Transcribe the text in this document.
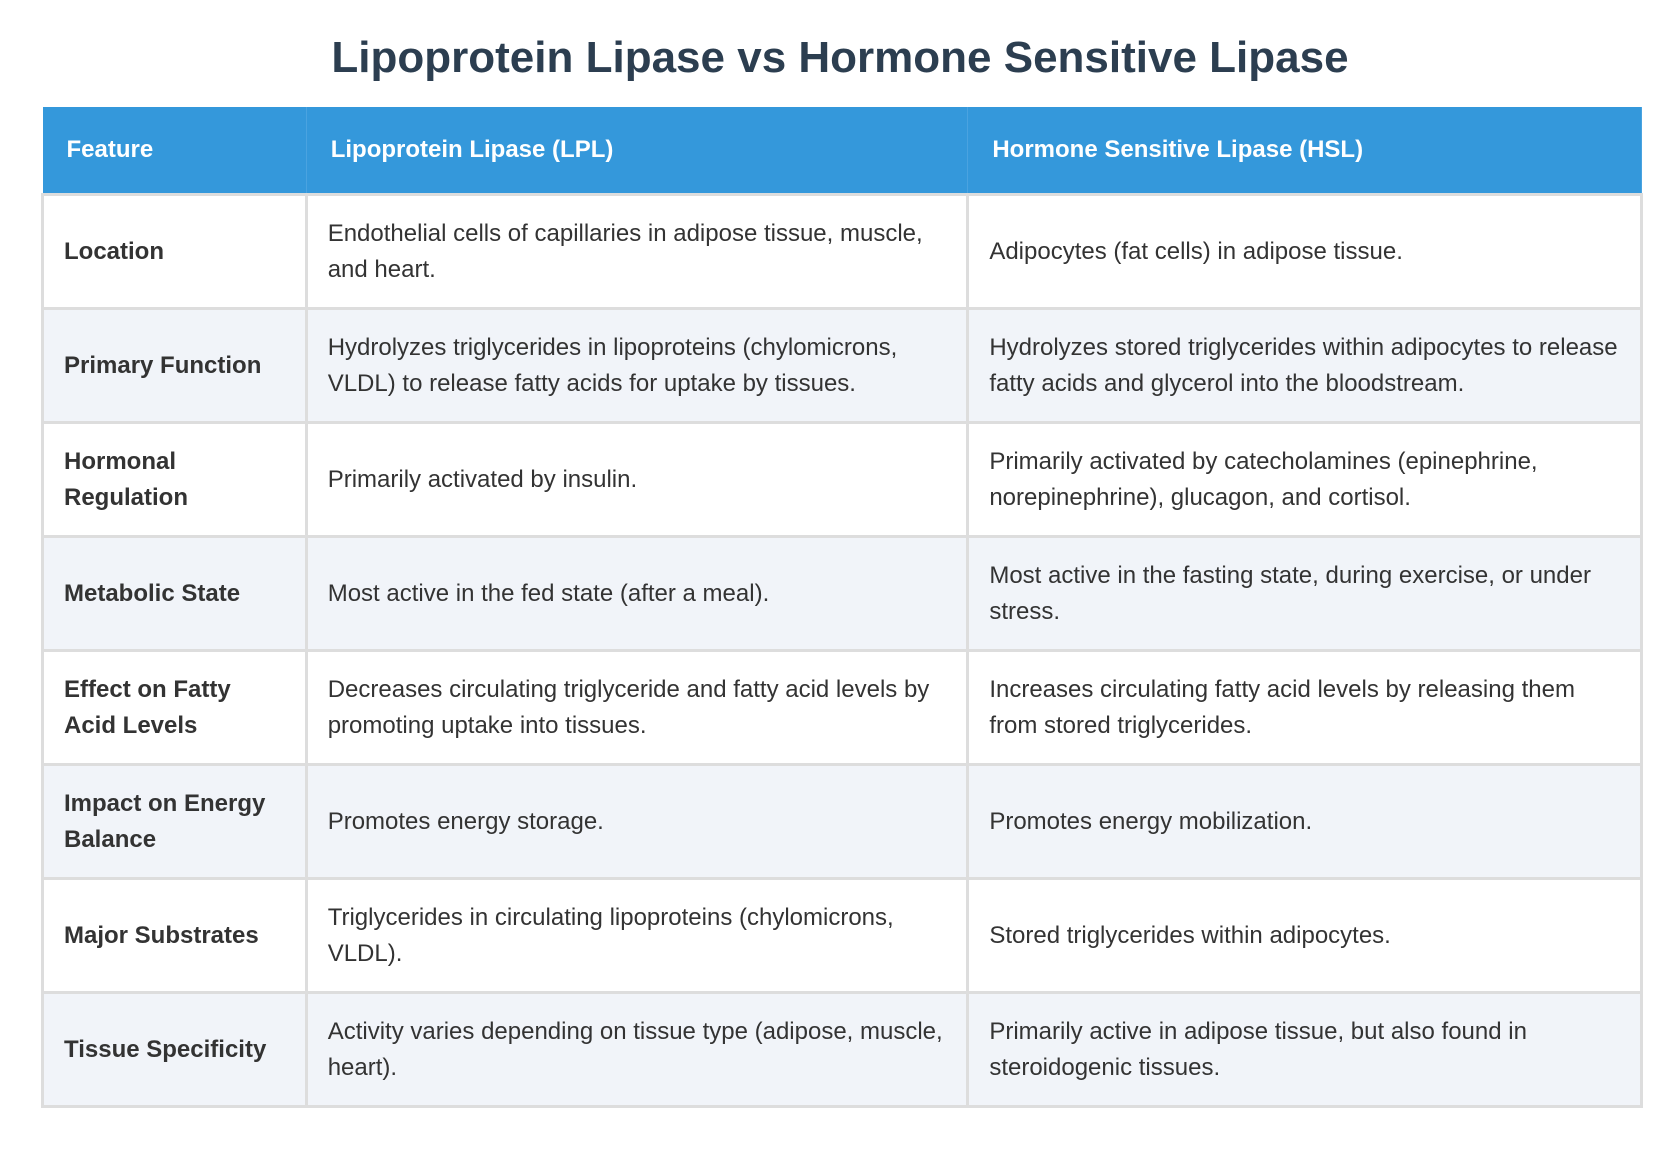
Lipoprotein Lipase vs Hormone Sensitive Lipase
Feature	Lipoprotein Lipase (LPL)	Hormone Sensitive Lipase (HSL)
Location	Endothelial cells of capillaries in adipose tissue, muscle, and heart.	Adipocytes (fat cells) in adipose tissue.
Primary Function	Hydrolyzes triglycerides in lipoproteins (chylomicrons, VLDL) to release fatty acids for uptake by tissues.	Hydrolyzes stored triglycerides within adipocytes to release fatty acids and glycerol into the bloodstream.
Hormonal Regulation	Primarily activated by insulin.	Primarily activated by catecholamines (epinephrine, norepinephrine), glucagon, and cortisol.
Metabolic State	Most active in the fed state (after a meal).	Most active in the fasting state, during exercise, or under stress.
Effect on Fatty Acid Levels	Decreases circulating triglyceride and fatty acid levels by promoting uptake into tissues.	Increases circulating fatty acid levels by releasing them from stored triglycerides.
Impact on Energy Balance	Promotes energy storage.	Promotes energy mobilization.
Major Substrates	Triglycerides in circulating lipoproteins (chylomicrons, VLDL).	Stored triglycerides within adipocytes.
Tissue Specificity	Activity varies depending on tissue type (adipose, muscle, heart).	Primarily active in adipose tissue, but also found in steroidogenic tissues.
